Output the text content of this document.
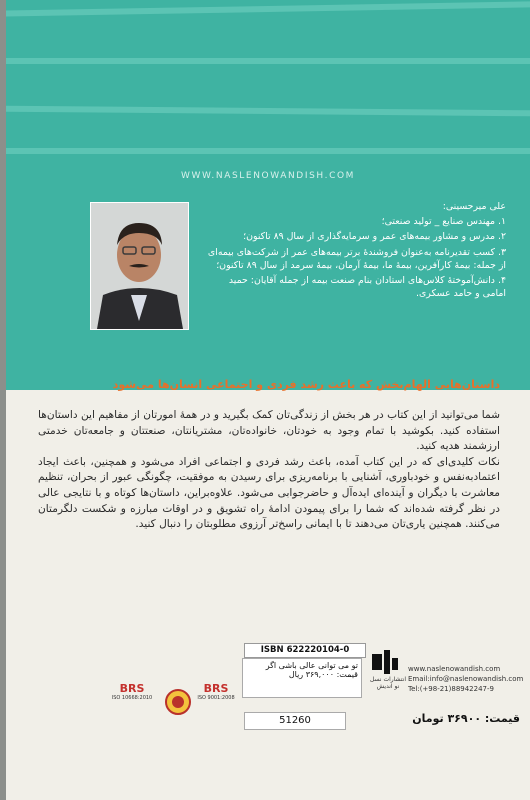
WWW.NASLENOWANDISH.COM
علی میرحسینی:
۱. مهندس صنایع _ تولید صنعتی؛
۲. مدرس و مشاور بیمه‌های عمر و سرمایه‌گذاری از سال ۸۹ تاکنون؛
۳. کسب تقدیرنامه به‌عنوان فروشندهٔ برتر بیمه‌های عمر از شرکت‌های بیمه‌ای از جمله: بیمهٔ کارآفرین، بیمهٔ ما، بیمهٔ آرمان، بیمهٔ سرمد از سال ۸۹ تاکنون؛
۴. دانش‌آموختهٔ کلاس‌های استادان بنام صنعت بیمه از جمله آقایان: حمید امامی و حامد عسکری.
داستان‌هایی الهام‌بخش که باعث رشد فردی و اجتماعی انسان‌ها می‌شود

شما می‌توانید از این کتاب در هر بخش از زندگی‌تان کمک بگیرید و در همهٔ امورتان از مفاهیم این داستان‌ها استفاده کنید. بکوشید با تمام وجود به خودتان، خانواده‌تان، مشتریانتان، صنعتتان و جامعه‌تان خدمتی ارزشمند هدیه کنید.

نکات کلیدی‌ای که در این کتاب آمده، باعث رشد فردی و اجتماعی افراد می‌شود و همچنین، باعث ایجاد اعتمادبه‌نفس و خودباوری، آشنایی با برنامه‌ریزی برای رسیدن به موفقیت، چگونگی عبور از بحران، تنظیم معاشرت با دیگران و آینده‌ای ایده‌آل و حاضرجوابی می‌شود. علاوه‌براین، داستان‌ها کوتاه و با نتایجی عالی در نظر گرفته شده‌اند که شما را برای پیمودن ادامهٔ راه تشویق و در اوقات مبارزه و شکست دلگرمتان می‌کنند. همچنین یاری‌تان می‌دهند تا با ایمانی راسخ‌تر آرزوی مطلوبتان را دنبال کنید.

BRS
ISO 10668:2010
BRS
ISO 9001:2008
ISBN 622220104-0
تو می توانی عالی باشی اگر
قیمت: ۳۶۹,۰۰۰ ریال
51260
انتشارات نسل نو اندیش
www.naslenowandish.com
Email:info@naslenowandish.com
Tel:(+98-21)88942247-9
قیمت: ۳۶۹۰۰ تومان
